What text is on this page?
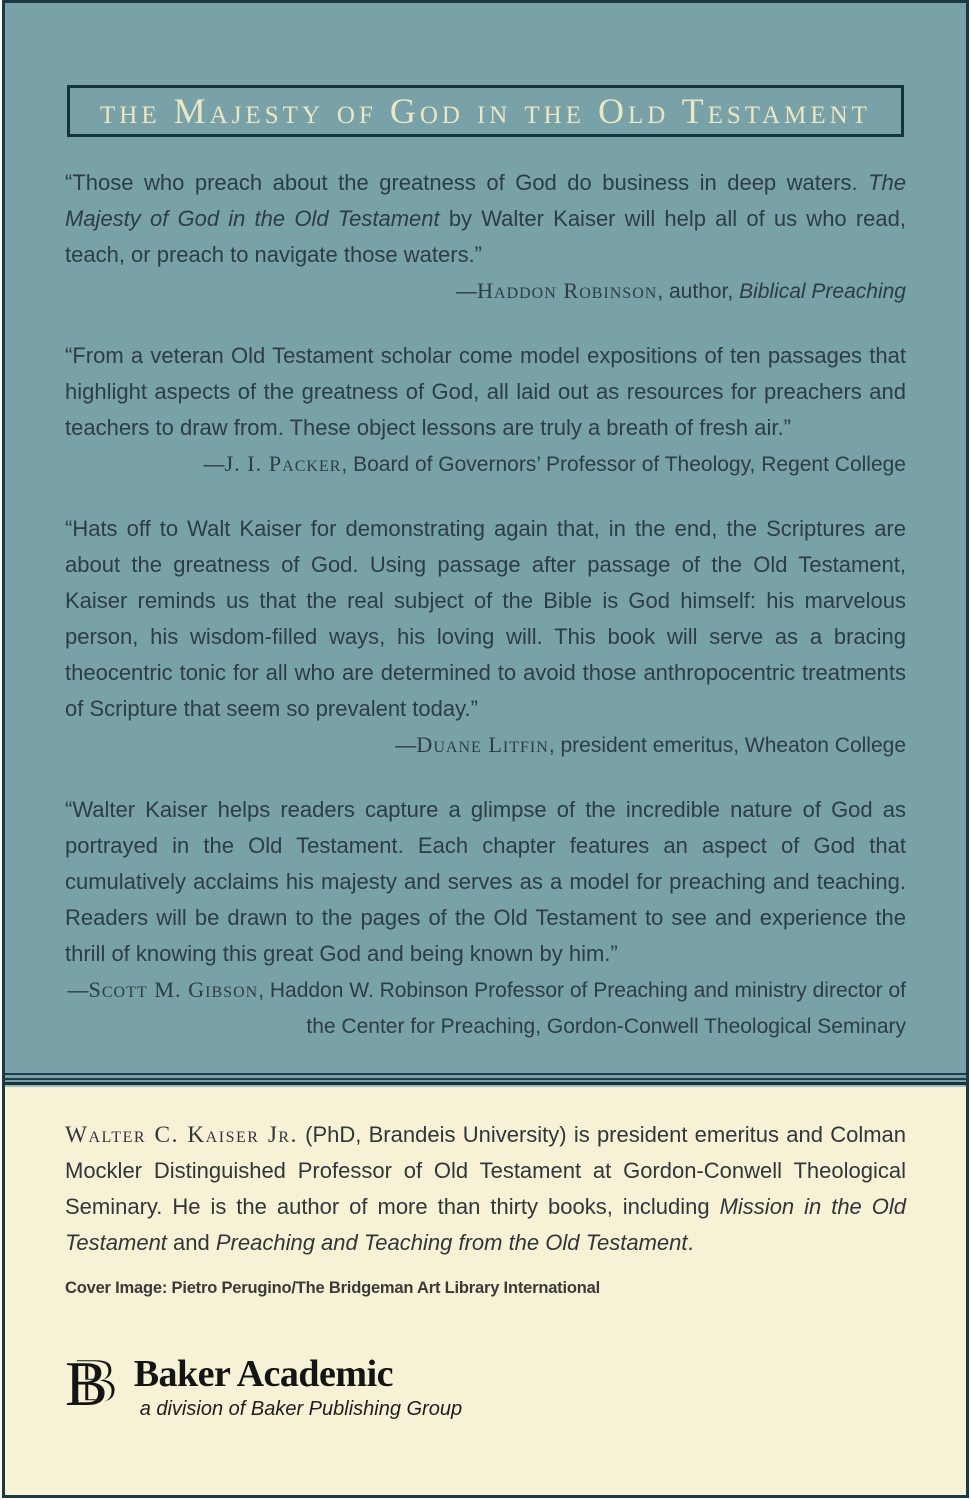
the Majesty of God in the Old Testament

“Those who preach about the greatness of God do business in deep waters. The Majesty of God in the Old Testament by Walter Kaiser will help all of us who read, teach, or preach to navigate those waters.”

—Haddon Robinson, author, Biblical Preaching

“From a veteran Old Testament scholar come model expositions of ten passages that highlight aspects of the greatness of God, all laid out as resources for preachers and teachers to draw from. These object lessons are truly a breath of fresh air.”

—J. I. Packer, Board of Governors’ Professor of Theology, Regent College

“Hats off to Walt Kaiser for demonstrating again that, in the end, the Scriptures are about the greatness of God. Using passage after passage of the Old Testament, Kaiser reminds us that the real subject of the Bible is God himself: his marvelous person, his wisdom-filled ways, his loving will. This book will serve as a bracing theocentric tonic for all who are determined to avoid those anthropocentric treatments of Scripture that seem so prevalent today.”

—Duane Litfin, president emeritus, Wheaton College

“Walter Kaiser helps readers capture a glimpse of the incredible nature of God as portrayed in the Old Testament. Each chapter features an aspect of God that cumulatively acclaims his majesty and serves as a model for preaching and teaching. Readers will be drawn to the pages of the Old Testament to see and experience the thrill of knowing this great God and being known by him.”

—Scott M. Gibson, Haddon W. Robinson Professor of Preaching and ministry director of the Center for Preaching, Gordon-Conwell Theological Seminary

Walter C. Kaiser Jr. (PhD, Brandeis University) is president emeritus and Colman Mockler Distinguished Professor of Old Testament at Gordon-Conwell Theological Seminary. He is the author of more than thirty books, including Mission in the Old Testament and Preaching and Teaching from the Old Testament.

Cover Image: Pietro Perugino/The Bridgeman Art Library International

B Baker Academic
a division of Baker Publishing Group
